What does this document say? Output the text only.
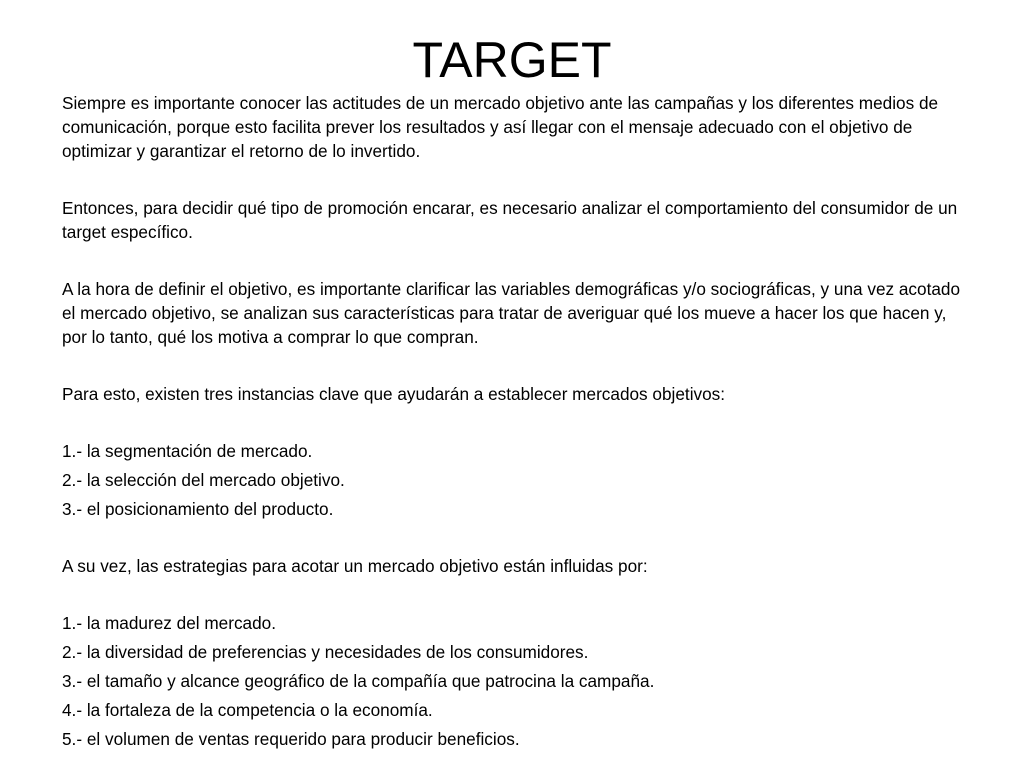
TARGET

Siempre es importante conocer las actitudes de un mercado objetivo ante las campañas y los diferentes medios de comunicación, porque esto facilita prever los resultados y así llegar con el mensaje adecuado con el objetivo de optimizar y garantizar el retorno de lo invertido.

Entonces, para decidir qué tipo de promoción encarar, es necesario analizar el comportamiento del consumidor de un target específico.

A la hora de definir el objetivo, es importante clarificar las variables demográficas y/o sociográficas, y una vez acotado el mercado objetivo, se analizan sus características para tratar de averiguar qué los mueve a hacer los que hacen y, por lo tanto, qué los motiva a comprar lo que compran.

Para esto, existen tres instancias clave que ayudarán a establecer mercados objetivos:

1.- la segmentación de mercado.

2.- la selección del mercado objetivo.

3.- el posicionamiento del producto.

A su vez, las estrategias para acotar un mercado objetivo están influidas por:

1.- la madurez del mercado.

2.- la diversidad de preferencias y necesidades de los consumidores.

3.- el tamaño y alcance geográfico de la compañía que patrocina la campaña.

4.- la fortaleza de la competencia o la economía.

5.- el volumen de ventas requerido para producir beneficios.
